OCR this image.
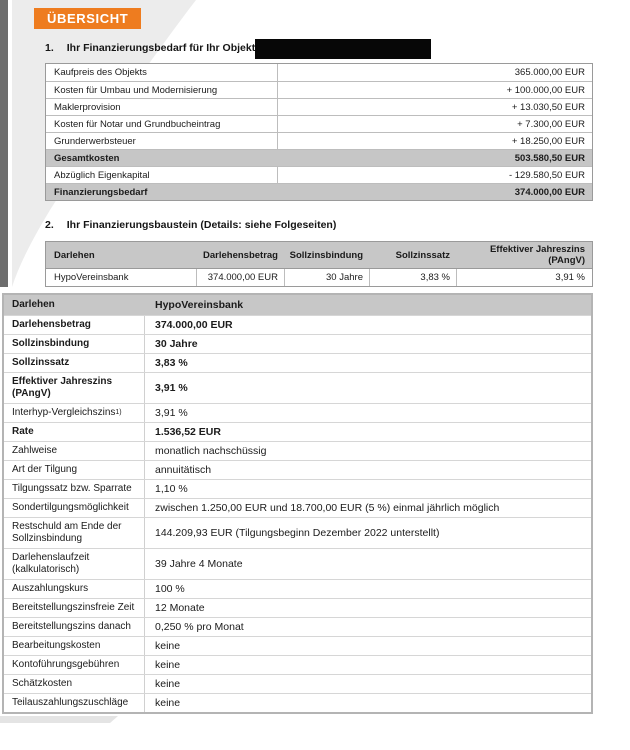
ÜBERSICHT
1. Ihr Finanzierungsbedarf für Ihr Objekt
Kaufpreis des Objekts	365.000,00 EUR
Kosten für Umbau und Modernisierung	+ 100.000,00 EUR
Maklerprovision	+ 13.030,50 EUR
Kosten für Notar und Grundbucheintrag	+ 7.300,00 EUR
Grunderwerbsteuer	+ 18.250,00 EUR
Gesamtkosten	503.580,50 EUR
Abzüglich Eigenkapital	- 129.580,50 EUR
Finanzierungsbedarf	374.000,00 EUR
2. Ihr Finanzierungsbaustein (Details: siehe Folgeseiten)
Darlehen	Darlehensbetrag	Sollzinsbindung	Sollzinssatz	Effektiver Jahreszins (PAngV)
HypoVereinsbank	374.000,00 EUR	30 Jahre	3,83 %	3,91 %
Darlehen	HypoVereinsbank
Darlehensbetrag	374.000,00 EUR
Sollzinsbindung	30 Jahre
Sollzinssatz	3,83 %
Effektiver Jahreszins (PAngV)	3,91 %
Interhyp-Vergleichszins 1)	3,91 %
Rate	1.536,52 EUR
Zahlweise	monatlich nachschüssig
Art der Tilgung	annuitätisch
Tilgungssatz bzw. Sparrate	1,10 %
Sondertilgungsmöglichkeit	zwischen 1.250,00 EUR und 18.700,00 EUR (5 %) einmal jährlich möglich
Restschuld am Ende der Sollzinsbindung	144.209,93 EUR (Tilgungsbeginn Dezember 2022 unterstellt)
Darlehenslaufzeit (kalkulatorisch)	39 Jahre 4 Monate
Auszahlungskurs	100 %
Bereitstellungszinsfreie Zeit	12 Monate
Bereitstellungszins danach	0,250 % pro Monat
Bearbeitungskosten	keine
Kontoführungsgebühren	keine
Schätzkosten	keine
Teilauszahlungszuschläge	keine
